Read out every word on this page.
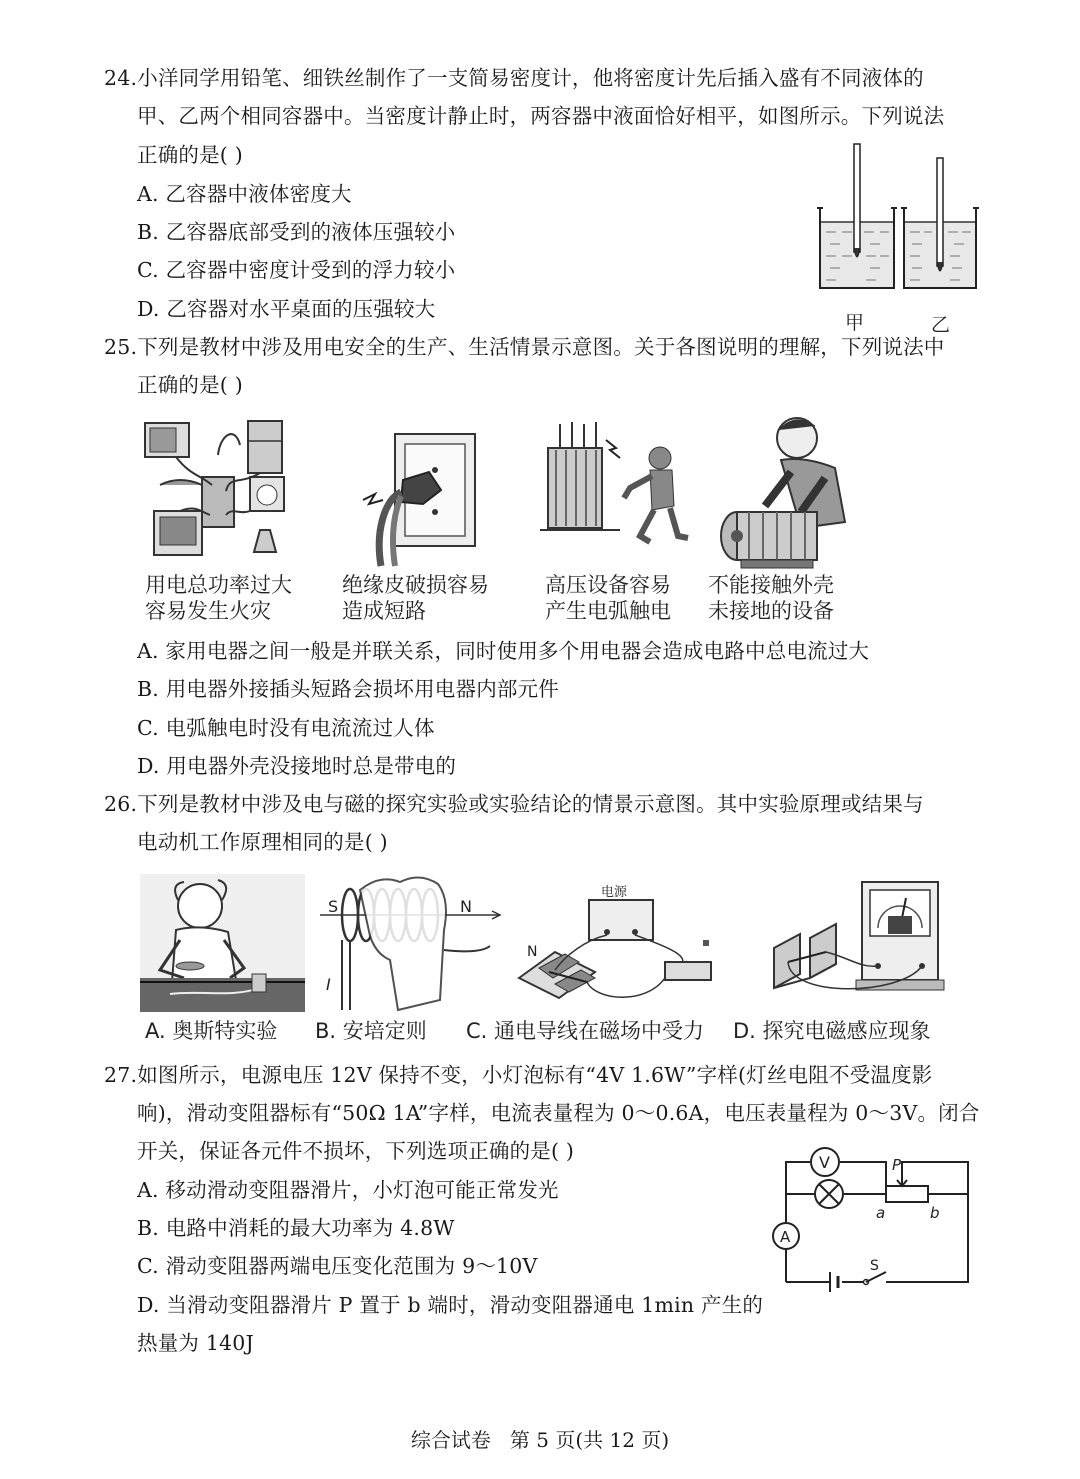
24.小洋同学用铅笔、细铁丝制作了一支简易密度计，他将密度计先后插入盛有不同液体的
甲、乙两个相同容器中。当密度计静止时，两容器中液面恰好相平，如图所示。下列说法
正确的是( )
A. 乙容器中液体密度大
B. 乙容器底部受到的液体压强较小
C. 乙容器中密度计受到的浮力较小
D. 乙容器对水平桌面的压强较大
甲	乙
25.下列是教材中涉及用电安全的生产、生活情景示意图。关于各图说明的理解，下列说法中
正确的是( )
用电总功率过大
容易发生火灾
绝缘皮破损容易
造成短路
高压设备容易
产生电弧触电
不能接触外壳
未接地的设备
A. 家用电器之间一般是并联关系，同时使用多个用电器会造成电路中总电流过大
B. 用电器外接插头短路会损坏用电器内部元件
C. 电弧触电时没有电流流过人体
D. 用电器外壳没接地时总是带电的
26.下列是教材中涉及电与磁的探究实验或实验结论的情景示意图。其中实验原理或结果与
电动机工作原理相同的是( )
S	N
I
电源
N
A. 奥斯特实验 B. 安培定则 C. 通电导线在磁场中受力 D. 探究电磁感应现象
27.如图所示，电源电压 12V 保持不变，小灯泡标有“4V 1.6W”字样(灯丝电阻不受温度影
响)，滑动变阻器标有“50Ω 1A”字样，电流表量程为 0～0.6A，电压表量程为 0～3V。闭合
开关，保证各元件不损坏，下列选项正确的是( )
A. 移动滑动变阻器滑片，小灯泡可能正常发光
B. 电路中消耗的最大功率为 4.8W
C. 滑动变阻器两端电压变化范围为 9～10V
D. 当滑动变阻器滑片 P 置于 b 端时，滑动变阻器通电 1min 产生的
热量为 140J
V	P
a	b
A
S
综合试卷   第 5 页(共 12 页)
